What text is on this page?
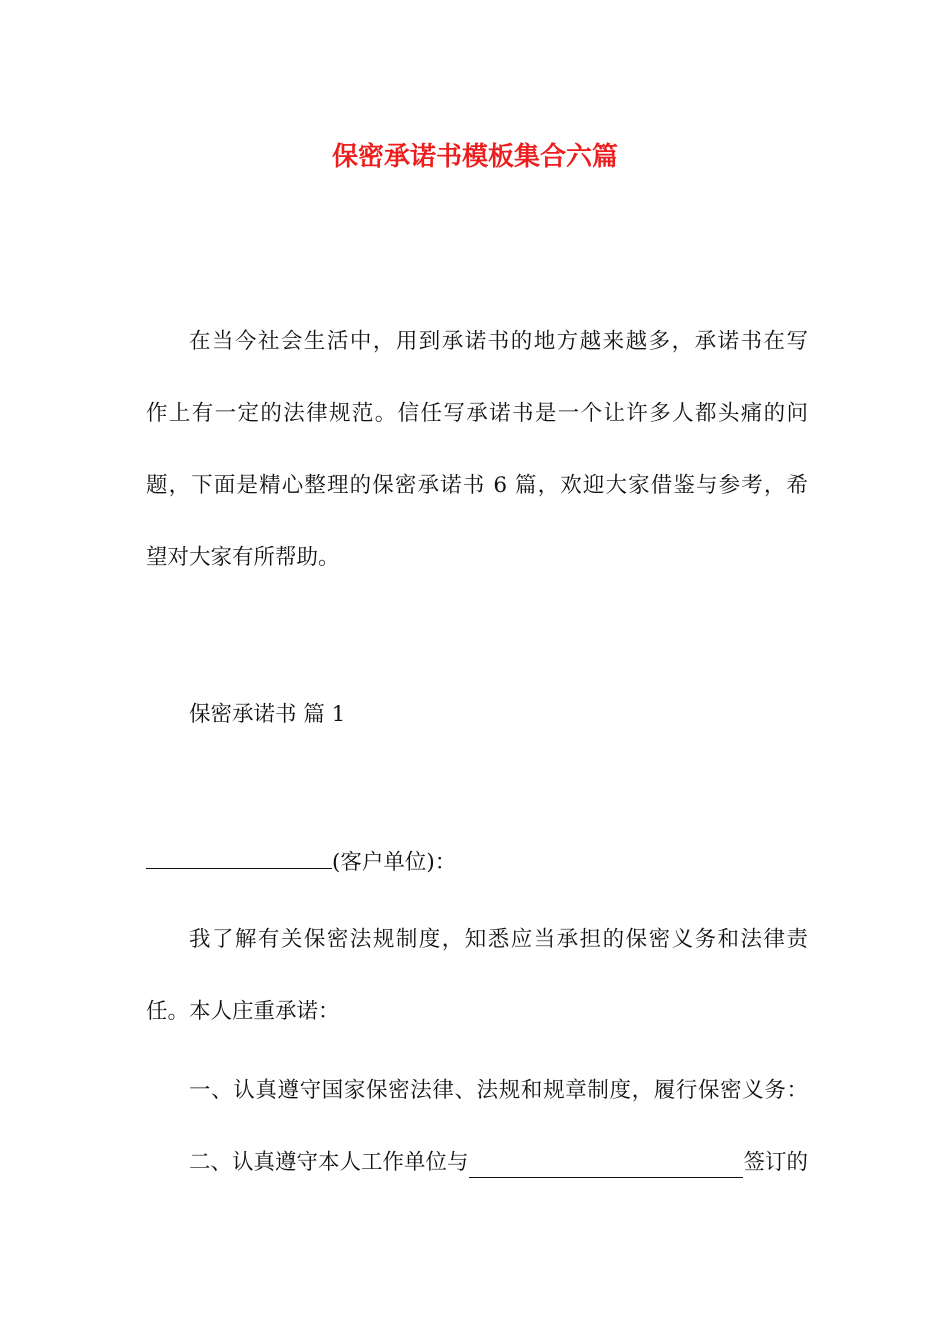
保密承诺书模板集合六篇
在当今社会生活中，用到承诺书的地方越来越多，承诺书在写
作上有一定的法律规范。信任写承诺书是一个让许多人都头痛的问
题，下面是精心整理的保密承诺书 6 篇，欢迎大家借鉴与参考，希
望对大家有所帮助。
保密承诺书 篇 1
(客户单位)：
我了解有关保密法规制度，知悉应当承担的保密义务和法律责
任。本人庄重承诺：
一、认真遵守国家保密法律、法规和规章制度，履行保密义务：
二、认真遵守本人工作单位与	签订的
